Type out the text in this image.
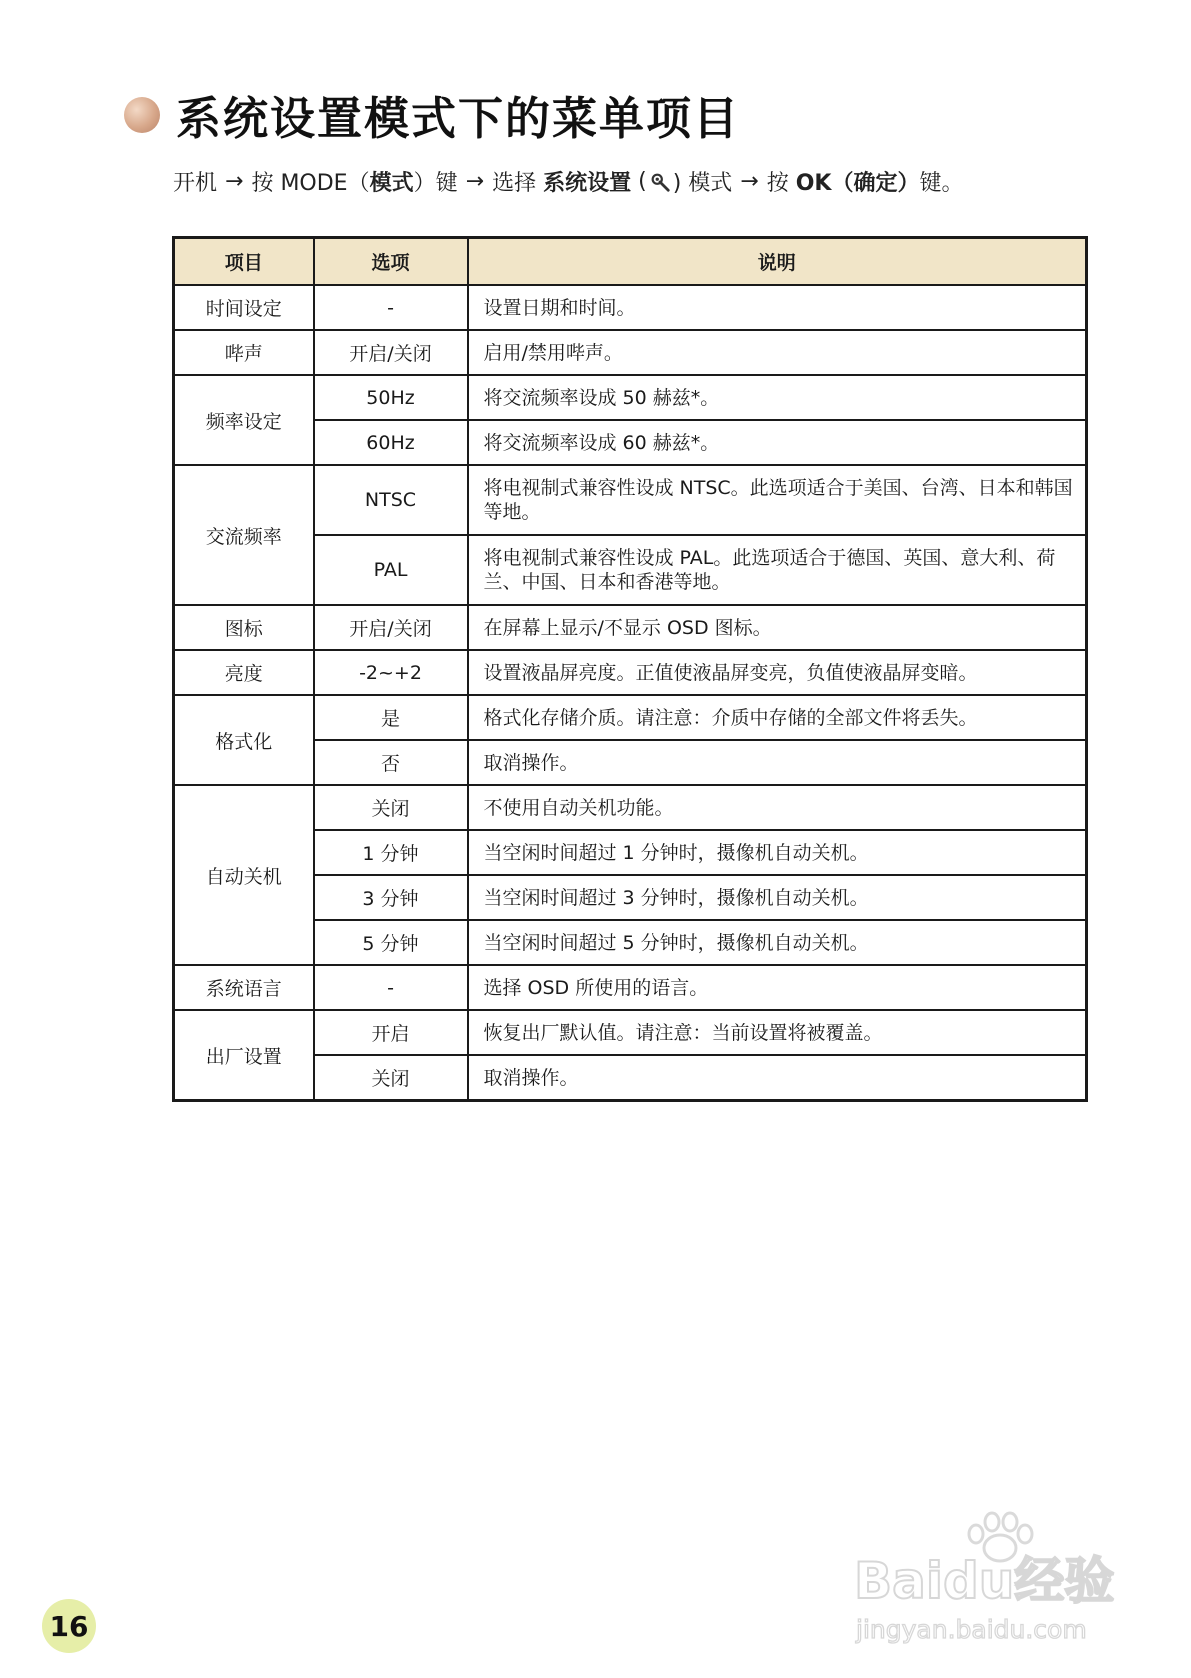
系统设置模式下的菜单项目
开机 → 按 MODE（ 模式 ）键 → 选择
系统设置
( ) 模式 → 按
OK（确定） 键。
项目	选项	说明
时间设定	-	设置日期和时间。
哔声	开启/关闭	启用/禁用哔声。
频率设定	50Hz	将交流频率设成 50 赫兹*。
	60Hz	将交流频率设成 60 赫兹*。
交流频率	NTSC	将电视制式兼容性设成 NTSC。此选项适合于美国、台湾、日本和韩国等地。
	PAL	将电视制式兼容性设成 PAL。此选项适合于德国、英国、意大利、荷兰、中国、日本和香港等地。
图标	开启/关闭	在屏幕上显示/不显示 OSD 图标。
亮度	-2~+2	设置液晶屏亮度。正值使液晶屏变亮，负值使液晶屏变暗。
格式化	是	格式化存储介质。请注意：介质中存储的全部文件将丢失。
	否	取消操作。
自动关机	关闭	不使用自动关机功能。
	1 分钟	当空闲时间超过 1 分钟时，摄像机自动关机。
	3 分钟	当空闲时间超过 3 分钟时，摄像机自动关机。
	5 分钟	当空闲时间超过 5 分钟时，摄像机自动关机。
系统语言	-	选择 OSD 所使用的语言。
出厂设置	开启	恢复出厂默认值。请注意：当前设置将被覆盖。
	关闭	取消操作。
16
Baidu经验
jingyan.baidu.com
